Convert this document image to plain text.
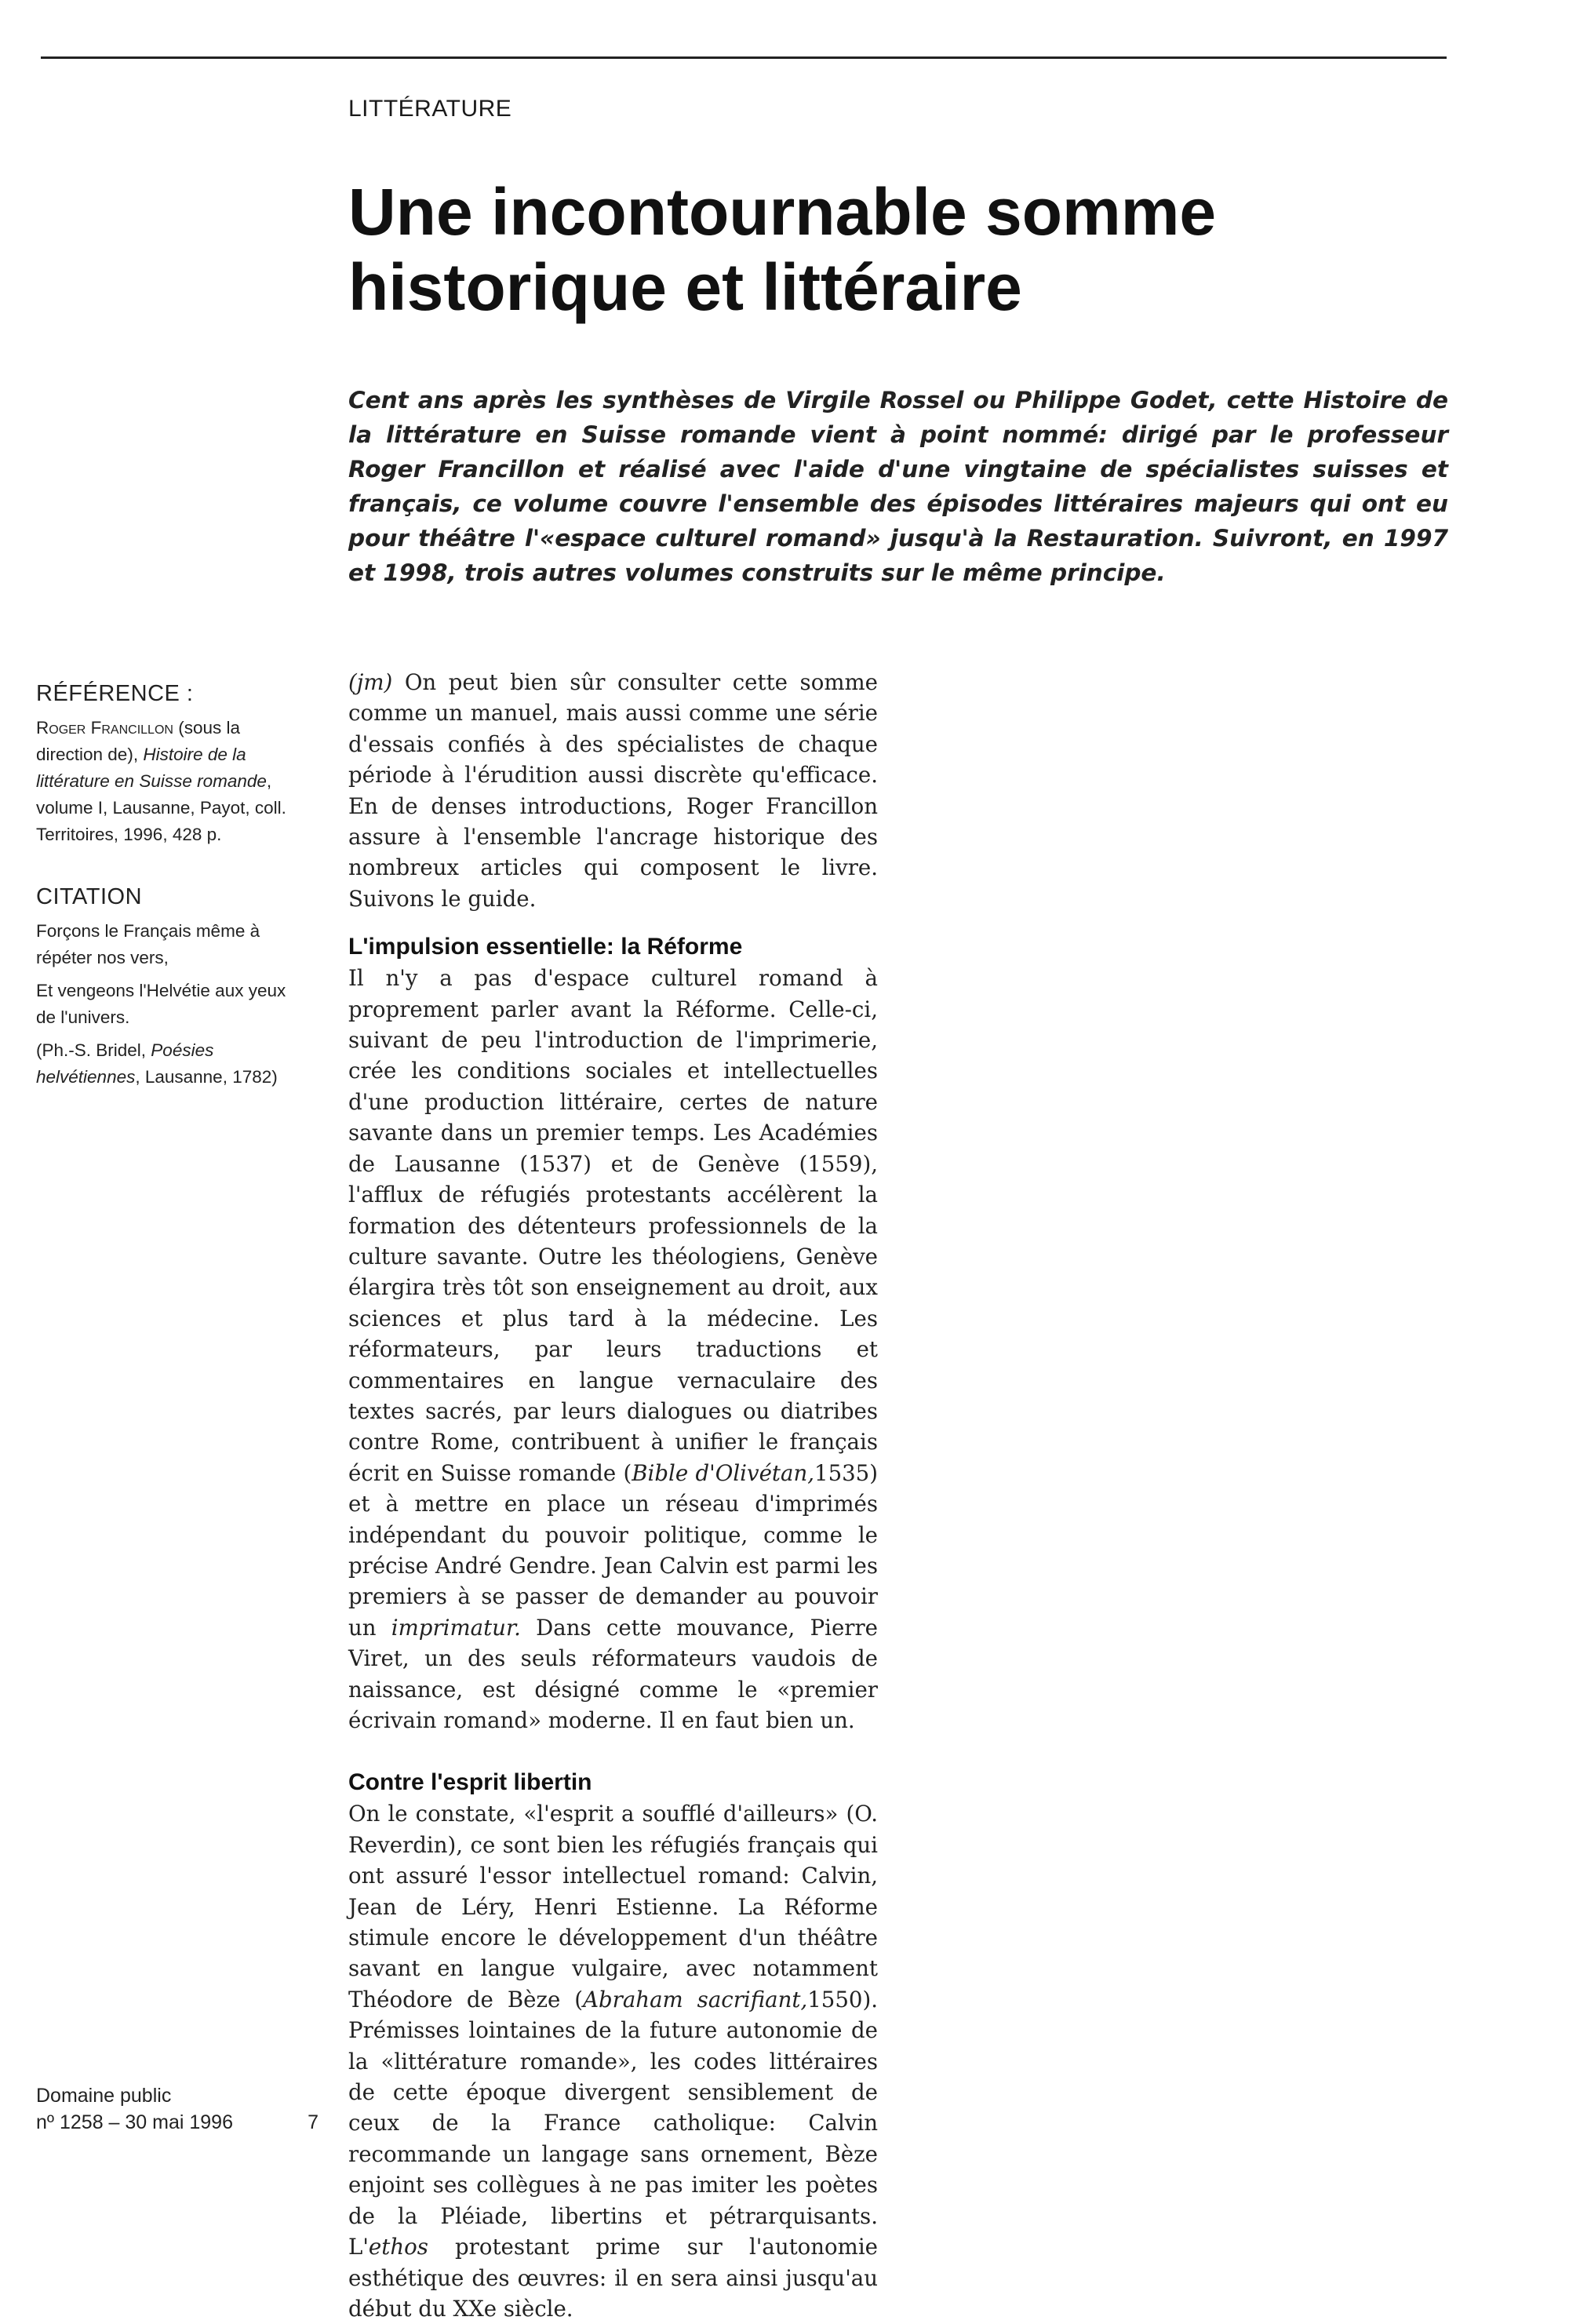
LITTÉRATURE
Une incontournable somme
historique et littéraire
Cent ans après les synthèses de Virgile Rossel ou Philippe Godet, cette Histoire de la littérature en Suisse romande vient à point nommé: dirigé par le professeur Roger Francillon et réalisé avec l'aide d'une vingtaine de spécialistes suisses et français, ce volume couvre l'ensemble des épisodes littéraires majeurs qui ont eu pour théâtre l'«espace culturel romand» jusqu'à la Restauration. Suivront, en 1997 et 1998, trois autres volumes construits sur le même principe.
RÉFÉRENCE :

Roger Francillon (sous la direction de), Histoire de la littérature en Suisse romande, volume I, Lausanne, Payot, coll. Territoires, 1996, 428 p.

CITATION

Forçons le Français même à répéter nos vers,

Et vengeons l'Helvétie aux yeux de l'univers.

(Ph.-S. Bridel, Poésies helvétiennes, Lausanne, 1782)

Domaine public
nº 1258 – 30 mai 1996	7

(jm) On peut bien sûr consulter cette somme comme un manuel, mais aussi comme une série d'essais confiés à des spécialistes de chaque période à l'érudition aussi discrète qu'efficace. En de denses introductions, Roger Francillon assure à l'ensemble l'ancrage historique des nombreux articles qui composent le livre. Suivons le guide.

L'impulsion essentielle: la Réforme

Il n'y a pas d'espace culturel romand à proprement parler avant la Réforme. Celle-ci, suivant de peu l'introduction de l'imprimerie, crée les conditions sociales et intellectuelles d'une production littéraire, certes de nature savante dans un premier temps. Les Académies de Lausanne (1537) et de Genève (1559), l'afflux de réfugiés protestants accélèrent la formation des détenteurs professionnels de la culture savante. Outre les théologiens, Genève élargira très tôt son enseignement au droit, aux sciences et plus tard à la médecine. Les réformateurs, par leurs traductions et commentaires en langue vernaculaire des textes sacrés, par leurs dialogues ou diatribes contre Rome, contribuent à unifier le français écrit en Suisse romande (Bible d'Olivétan,1535) et à mettre en place un réseau d'imprimés indépendant du pouvoir politique, comme le précise André Gendre. Jean Calvin est parmi les premiers à se passer de demander au pouvoir un imprimatur. Dans cette mouvance, Pierre Viret, un des seuls réformateurs vaudois de naissance, est désigné comme le «premier écrivain romand» moderne. Il en faut bien un.

Contre l'esprit libertin

On le constate, «l'esprit a soufflé d'ailleurs» (O. Reverdin), ce sont bien les réfugiés français qui ont assuré l'essor intellectuel romand: Calvin, Jean de Léry, Henri Estienne. La Réforme stimule encore le développement d'un théâtre savant en langue vulgaire, avec notamment Théodore de Bèze (Abraham sacrifiant,1550). Prémisses lointaines de la future autonomie de la «littérature romande», les codes littéraires de cette époque divergent sensiblement de ceux de la France catholique: Calvin recommande un langage sans ornement, Bèze enjoint ses collègues à ne pas imiter les poètes de la Pléiade, libertins et pétrarquisants. L'ethos protestant prime sur l'autonomie esthétique des œuvres: il en sera ainsi jusqu'au début du XXe siècle.
